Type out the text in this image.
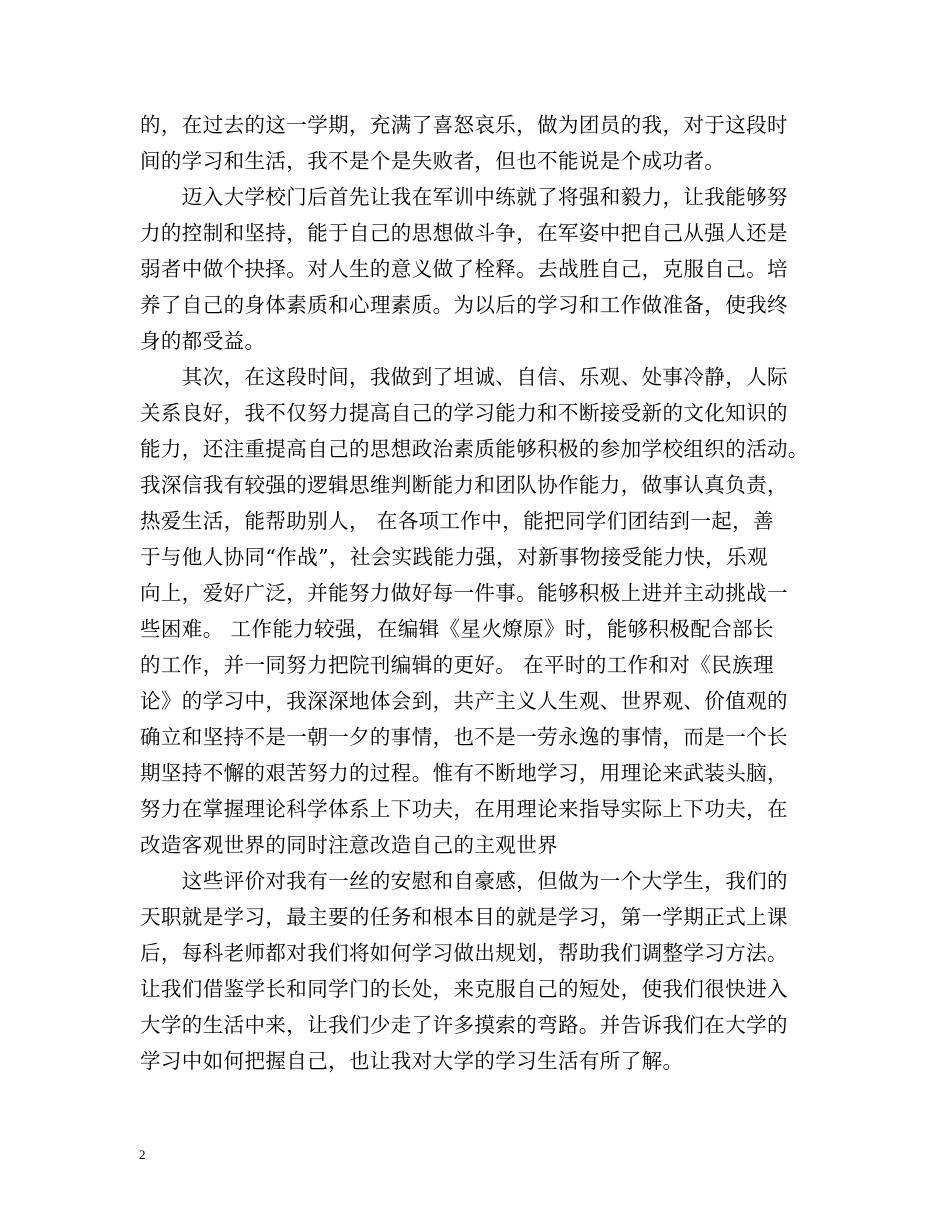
的，在过去的这一学期，充满了喜怒哀乐，做为团员的我，对于这段时
间的学习和生活，我不是个是失败者，但也不能说是个成功者。
　　迈入大学校门后首先让我在军训中练就了将强和毅力，让我能够努
力的控制和坚持，能于自己的思想做斗争，在军姿中把自己从强人还是
弱者中做个抉择。对人生的意义做了栓释。去战胜自己，克服自己。培
养了自己的身体素质和心理素质。为以后的学习和工作做准备，使我终
身的都受益。
　　其次，在这段时间，我做到了坦诚、自信、乐观、处事冷静，人际
关系良好，我不仅努力提高自己的学习能力和不断接受新的文化知识的
能力，还注重提高自己的思想政治素质能够积极的参加学校组织的活动。
我深信我有较强的逻辑思维判断能力和团队协作能力，做事认真负责，
热爱生活，能帮助别人， 在各项工作中，能把同学们团结到一起，善
于与他人协同“作战”，社会实践能力强，对新事物接受能力快，乐观
向上，爱好广泛，并能努力做好每一件事。能够积极上进并主动挑战一
些困难。 工作能力较强，在编辑《星火燎原》时，能够积极配合部长
的工作，并一同努力把院刊编辑的更好。 在平时的工作和对《民族理
论》的学习中，我深深地体会到，共产主义人生观、世界观、价值观的
确立和坚持不是一朝一夕的事情，也不是一劳永逸的事情，而是一个长
期坚持不懈的艰苦努力的过程。惟有不断地学习，用理论来武装头脑，
努力在掌握理论科学体系上下功夫，在用理论来指导实际上下功夫，在
改造客观世界的同时注意改造自己的主观世界
　　这些评价对我有一丝的安慰和自豪感，但做为一个大学生，我们的
天职就是学习，最主要的任务和根本目的就是学习，第一学期正式上课
后，每科老师都对我们将如何学习做出规划，帮助我们调整学习方法。
让我们借鉴学长和同学门的长处，来克服自己的短处，使我们很快进入
大学的生活中来，让我们少走了许多摸索的弯路。并告诉我们在大学的
学习中如何把握自己，也让我对大学的学习生活有所了解。
2
